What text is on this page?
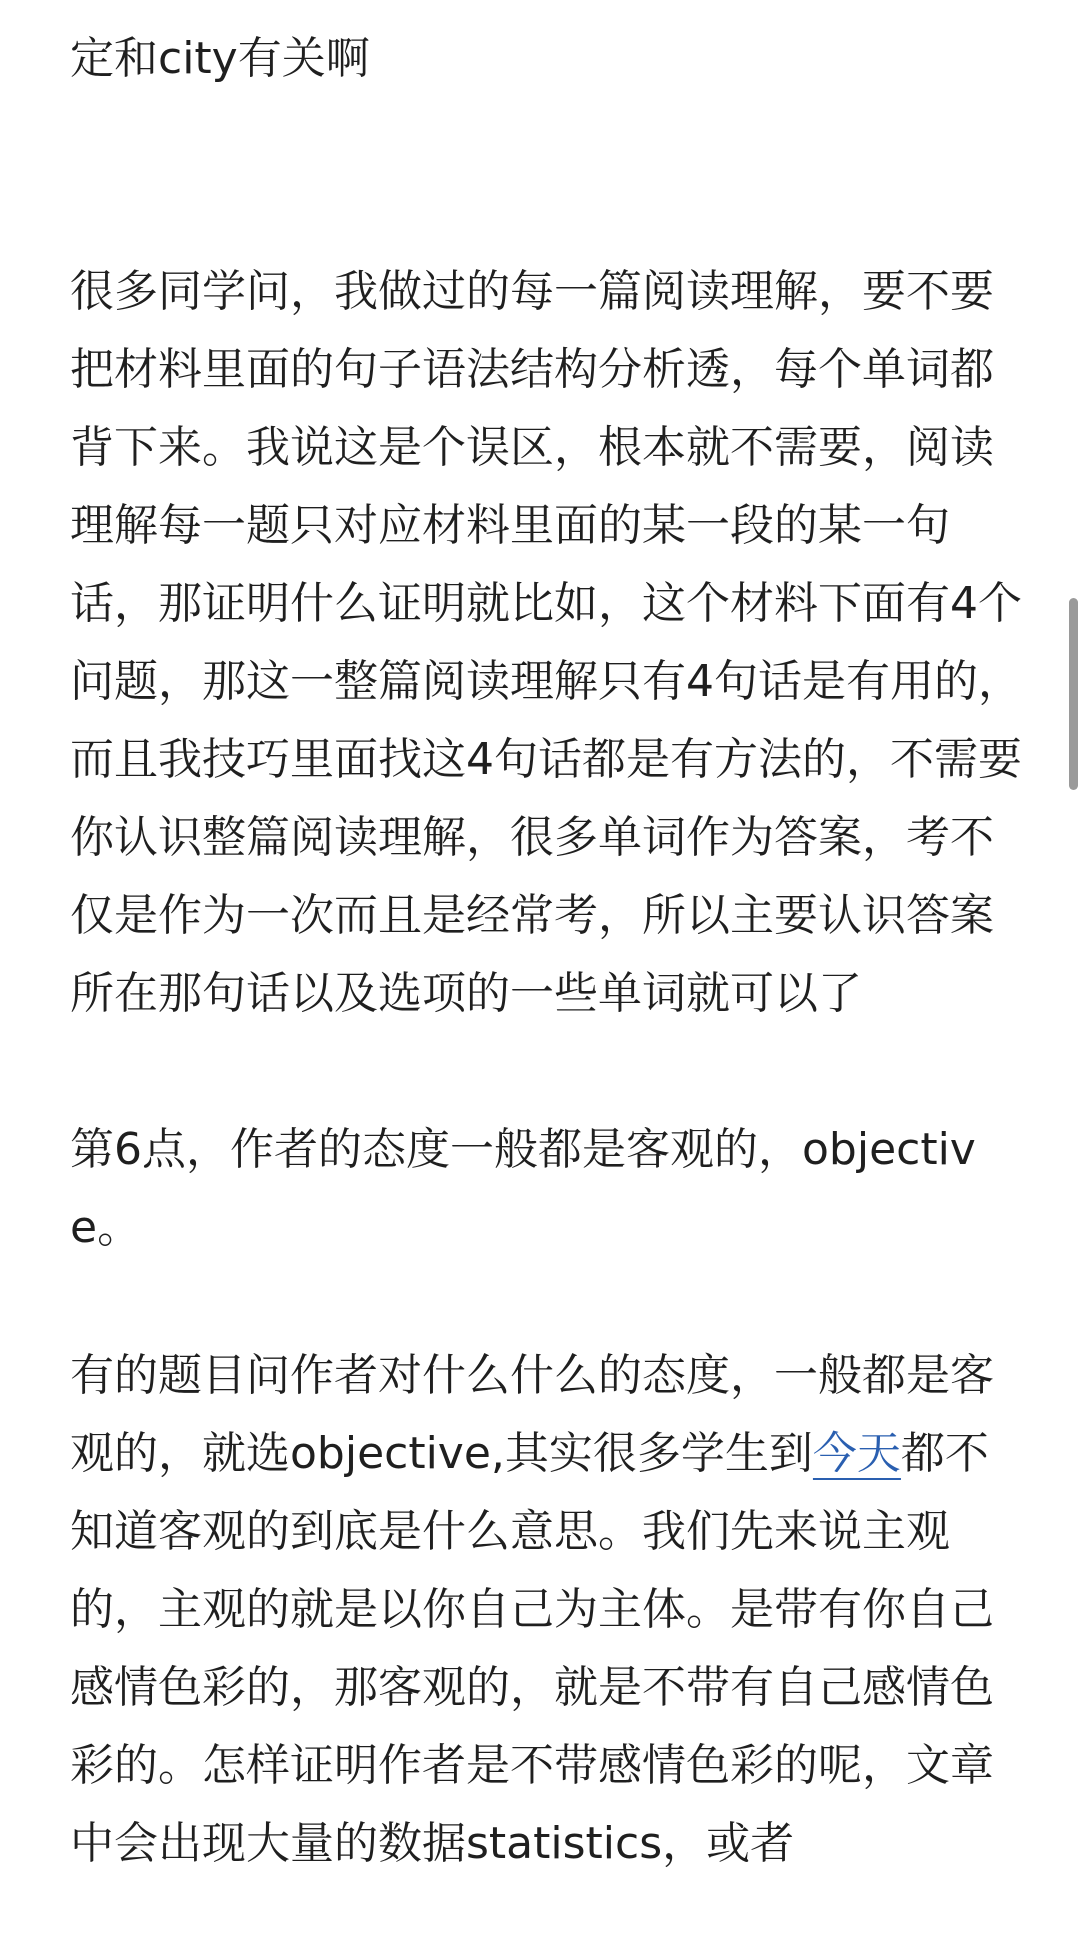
定和city有关啊

很多同学问，我做过的每一篇阅读理解，要不要把材料里面的句子语法结构分析透，每个单词都背下来。我说这是个误区，根本就不需要，阅读理解每一题只对应材料里面的某一段的某一句话，那证明什么证明就比如，这个材料下面有4个问题，那这一整篇阅读理解只有4句话是有用的，而且我技巧里面找这4句话都是有方法的，不需要你认识整篇阅读理解，很多单词作为答案，考不仅是作为一次而且是经常考，所以主要认识答案所在那句话以及选项的一些单词就可以了

第6点，作者的态度一般都是客观的，objective。

有的题目问作者对什么什么的态度，一般都是客观的，就选objective,其实很多学生到今天都不知道客观的到底是什么意思。我们先来说主观的，主观的就是以你自己为主体。是带有你自己感情色彩的，那客观的，就是不带有自己感情色彩的。怎样证明作者是不带感情色彩的呢，文章中会出现大量的数据statistics，或者
